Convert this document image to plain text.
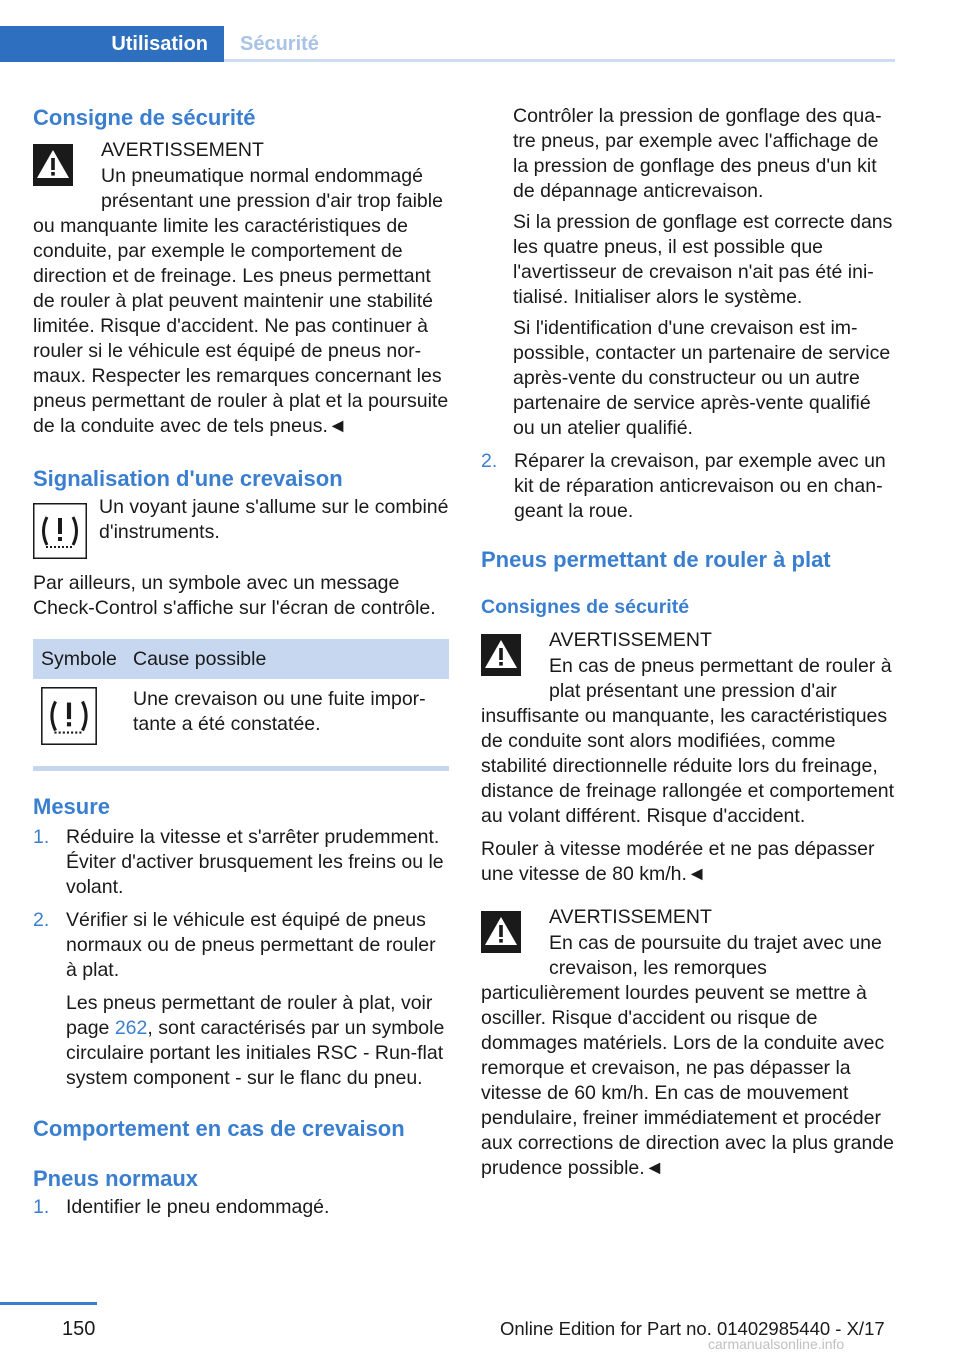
Utilisation	Sécurité
Consigne de sécurité
AVERTISSEMENT

Un pneumatique normal endommagé présentant une pression d'air trop faible ou manquante limite les caractéristiques de conduite, par exemple le comportement de direction et de freinage. Les pneus permettant de rouler à plat peuvent maintenir une stabilité limitée. Risque d'accident. Ne pas continuer à rouler si le véhicule est équipé de pneus normaux. Respecter les remarques concernant les pneus permettant de rouler à plat et la poursuite de la conduite avec de tels pneus.◄

Signalisation d'une crevaison

Un voyant jaune s'allume sur le combiné d'instruments.

Par ailleurs, un symbole avec un message Check-Control s'affiche sur l'écran de contrôle.

Symbole	Cause possible
	Une crevaison ou une fuite importante a été constatée.

Mesure
1. Réduire la vitesse et s'arrêter prudemment. Éviter d'activer brusquement les freins ou le volant.
2. Vérifier si le véhicule est équipé de pneus normaux ou de pneus permettant de rouler à plat.

Les pneus permettant de rouler à plat, voir page 262, sont caractérisés par un symbole circulaire portant les initiales RSC - Run-flat system component - sur le flanc du pneu.

Comportement en cas de crevaison
Pneus normaux
1. Identifier le pneu endommagé.

Contrôler la pression de gonflage des quatre pneus, par exemple avec l'affichage de la pression de gonflage des pneus d'un kit de dépannage anticrevaison.

Si la pression de gonflage est correcte dans les quatre pneus, il est possible que l'avertisseur de crevaison n'ait pas été initialisé. Initialiser alors le système.

Si l'identification d'une crevaison est impossible, contacter un partenaire de service après-vente du constructeur ou un autre partenaire de service après-vente qualifié ou un atelier qualifié.

2. Réparer la crevaison, par exemple avec un kit de réparation anticrevaison ou en changeant la roue.
Pneus permettant de rouler à plat
Consignes de sécurité
AVERTISSEMENT

En cas de pneus permettant de rouler à plat présentant une pression d'air insuffisante ou manquante, les caractéristiques de conduite sont alors modifiées, comme stabilité directionnelle réduite lors du freinage, distance de freinage rallongée et comportement au volant différent. Risque d'accident.

Rouler à vitesse modérée et ne pas dépasser une vitesse de 80 km/h.◄

AVERTISSEMENT

En cas de poursuite du trajet avec une crevaison, les remorques particulièrement lourdes peuvent se mettre à osciller. Risque d'accident ou risque de dommages matériels. Lors de la conduite avec remorque et crevaison, ne pas dépasser la vitesse de 60 km/h. En cas de mouvement pendulaire, freiner immédiatement et procéder aux corrections de direction avec la plus grande prudence possible.◄

150	Online Edition for Part no. 01402985440 - X/17
carmanualsonline.info
